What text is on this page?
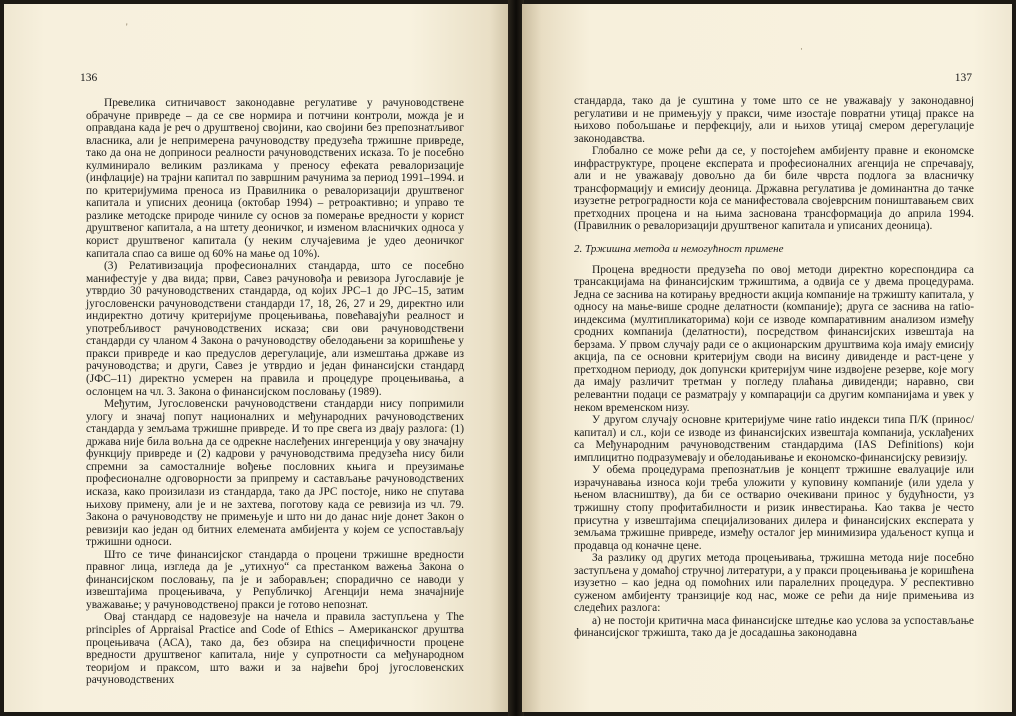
'
136

Превелика ситничавост законодавне регулативе у рачуноводственe обрачуне привреде – да се све нормира и потчини контроли, можда је и оправдана када је реч о друштвеној својини, као својини без препознатљивог власника, али је непримерена рачуноводству предузећа тржишне привреде, тако да она не доприноси реалности рачуноводствених исказа. То је посебно кулминирало великим разликама у преносу ефеката ревалоризације (инфлације) на трајни капитал по завршним рачунима за период 1991–1994. и по критеријумима преноса из Правилника о ревалоризацији друштвеног капитала и уписних деоница (октобар 1994) – ретроактивно; и управо те разлике методске природе чиниле су основ за померање вредности у корист друштвеног капитала, а на штету деоничког, и изменом власничких односа у корист друштвеног капитала (у неким случајевима је удео деоничког капитала спао са више од 60% на мање од 10%).

(3) Релативизација професионалних стандарда, што се посебно манифестује у два вида; први, Савез рачуновођа и ревизора Југославије је утврдио 30 рачуноводствених стандарда, од којих ЈРС–1 до ЈРС–15, затим југословенски рачуноводствени стандарди 17, 18, 26, 27 и 29, директно или индиректно дотичу критеријуме процењивања, повећавајући реалност и употребљивост рачуноводствених исказа; сви ови рачуноводствени стандарди су чланом 4 Закона о рачуноводству обелодањени за коришћење у пракси привреде и као предуслов дерегулације, али измештањa државе из рачуноводства; и други, Савез је утврдио и један финансијски стандард (ЈФС–11) директно усмерен на правила и процедуре процењивања, а ослонцем на чл. 3. Закона о финансијском пословању (1989).

Међутим, Југословенски рачуноводствени стандарди нису попримили улогу и значај попут националних и међународних рачуноводствених стандарда у земљама тржишне привреде. И то пре свега из двају разлога: (1) држава није била вољна да се одрекне наслеђених ингеренција у ову значајну функцију привреде и (2) кадрови у рачуноводствима предузећа нису били спремни за самосталније вођење пословних књига и преузимање професионалне одговорности за припрему и састављање рачуноводствених исказа, како произилази из стандарда, тако да ЈРС постоје, нико не спутава њихову примену, али је и не захтева, поготову када се ревизија из чл. 79. Закона о рачуноводству не примењује и што ни до данас није донет Закон о ревизији као један од битних елемената амбијента у којем се успостављају тржишни односи.

Што се тиче финансијског стандарда о процени тржишне вредности правног лица, изгледа да је „утихнуо“ са престанком важења Закона о финансијском пословању, па је и заборављен; спорадично се наводи у извештајима процењивача, у Републичкој Агенцији нема значајније уважавање; у рачуноводственој пракси је готово непознат.

Овај стандард се надовезује на начела и правила заступљена у The principles of Appraisal Practice and Code of Ethics – Американског друштва процењивача (АСА), тако да, без обзира на специфичности процене вредности друштвеног капитала, није у супротности са међународном теоријом и праксом, што важи и за највећи број југословенских рачуноводствених

·
137

стандарда, тако да је суштина у томе што се не уважавају у законодавној регулативи и не примењују у пракси, чиме изостаје повратни утицај праксе на њихово побољшање и перфекцију, али и њихов утицај смером дерегулације законодавства.

Глобално се може рећи да се, у постојећем амбијенту правне и економске инфраструктуре, процене експерата и професионалних агенција не спречавају, али и не уважавају довољно да би биле чврста подлога за власничку трансформацију и емисију деоница. Државна регулатива је доминантна до тачке изузетне ретроградности која се манифестовала својеврсним поништавањем свих претходних процена и на њима заснована трансформација до априла 1994. (Правилник о ревалоризацији друштвеног капитала и уписаних деоница).

2. Тржишна метода и немогућност примене

Процена вредности предузећа по овој методи директно кореспондира са трансакцијама на финансијским тржиштима, а одвија се у двема процедурама. Једна се заснива на котирању вредности акција компаније на тржишту капитала, у односу на мање-више сродне делатности (компаније); друга се заснива на ratio-индексима (мултипликаторима) који се изводе компаративним анализом између сродних компанија (делатности), посредством финансијских извештаја на берзама. У првом случају ради се о акционарским друштвима која имају емисију акција, па се основни критеријум своди на висину дивиденде и раст-цене у претходном периоду, док допунски критеријум чине издвојене резерве, које могу да имају различит третман у погледу плаћања дивиденди; наравно, сви релевантни подаци се разматрају у компарацији са другим компанијама и увек у неком временском низу.

У другом случају основне критеријуме чине ratio индекси типа П/К (принос/капитал) и сл., који се изводе из финансијских извештаја компанија, усклађених са Међународним рачуноводственим стандардима (IAS Definitions) који имплицитно подразумевају и обелодањивање и економско-финансијску ревизију.

У обема процедурама препознатљив је концепт тржишне евалуације или израчунавања износа који треба уложити у куповину компаније (или удела у њеном власништву), да би се остварио очекивани принос у будућности, уз тржишну стопу профитабилности и ризик инвестирања. Као таква је често присутна у извештајима специјализованих дилера и финансијских експерата у земљама тржишне привреде, између осталог јер минимизира удаљеност купца и продавца од коначне цене.

За разлику од других метода процењивања, тржишна метода није посебно заступљена у домаћој стручној литератури, а у пракси процењивања је коришћена изузетно – као једна од помоћних или паралелних процедура. У респективно суженом амбијенту транзиције код нас, може се рећи да није примењива из следећих разлога:

а) не постоји критична маса финансијске штедње као услова за успостављање финансијског тржишта, тако да је досадашња законодавна
